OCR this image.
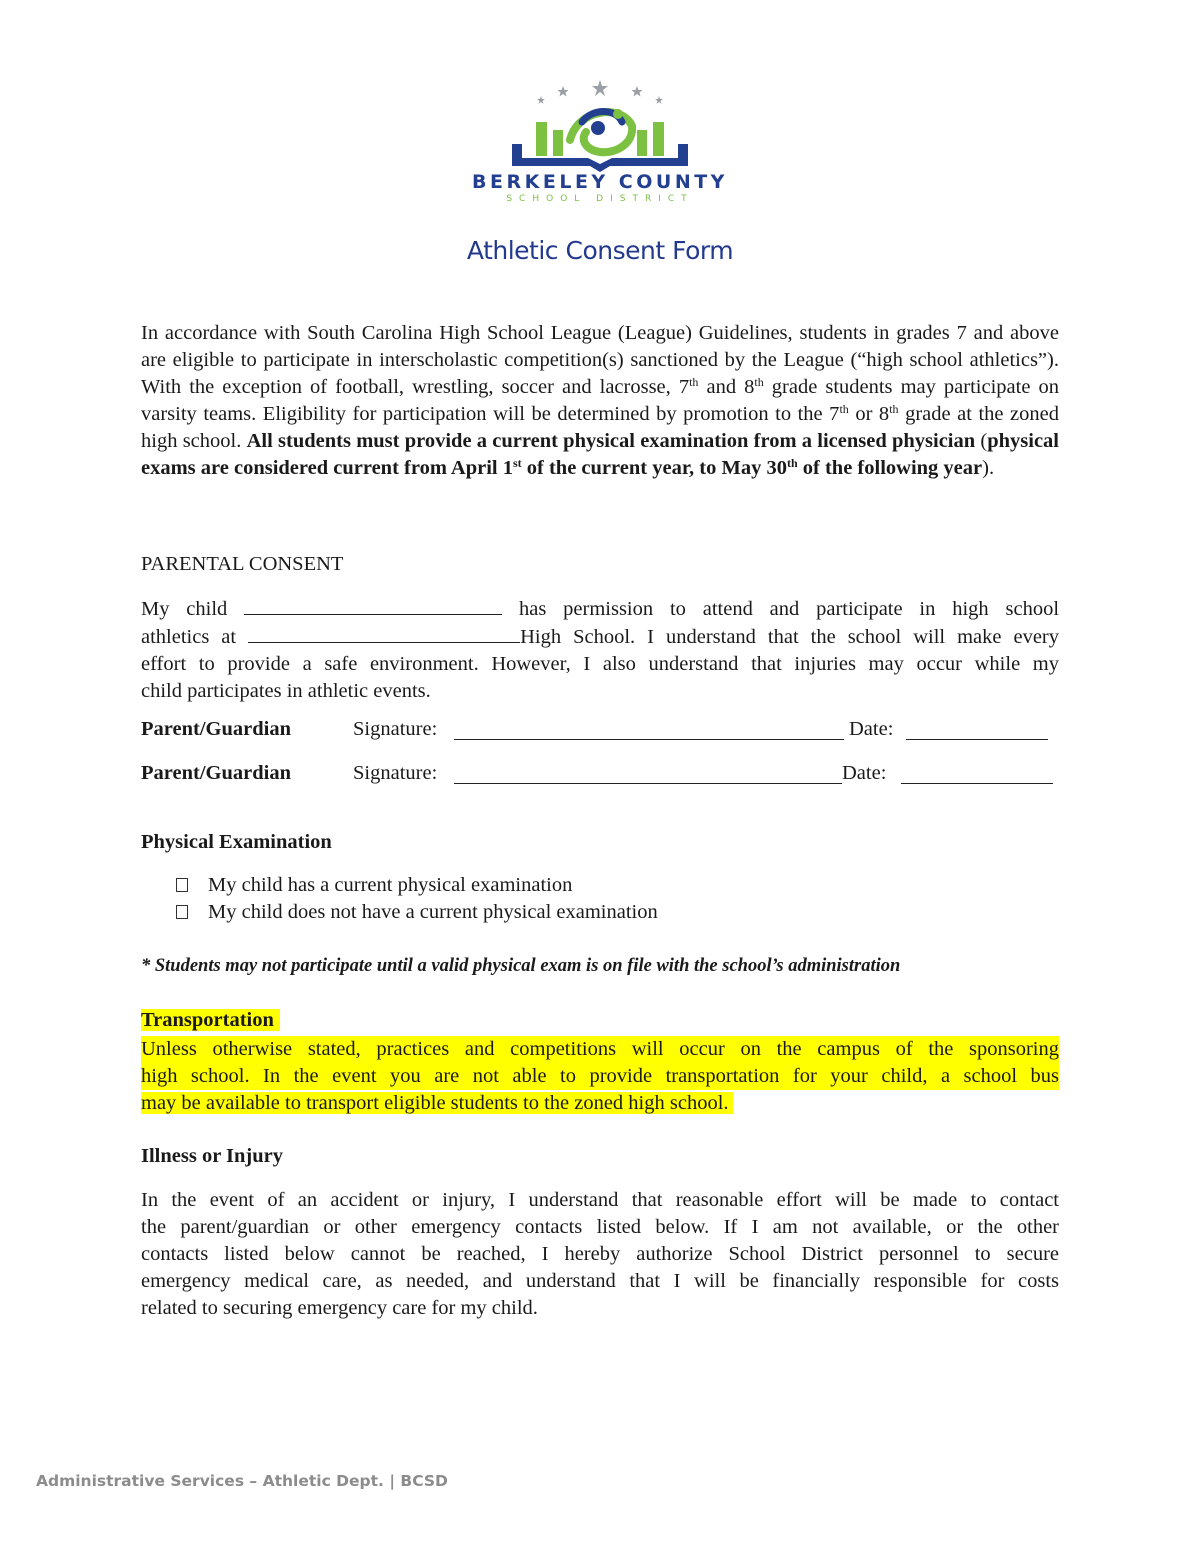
BERKELEY COUNTY
SCHOOL DISTRICT
Athletic Consent Form
In accordance with South Carolina High School League (League) Guidelines, students in grades 7 and above are eligible to participate in interscholastic competition(s) sanctioned by the League (“high school athletics”). With the exception of football, wrestling, soccer and lacrosse, 7th and 8th grade students may participate on varsity teams. Eligibility for participation will be determined by promotion to the 7th or 8th grade at the zoned high school. All students must provide a current physical examination from a licensed physician (physical exams are considered current from April 1st of the current year, to May 30th of the following year).
PARENTAL CONSENT
My child	has permission to attend and participate in high school
athletics at	High School. I understand that the school will make every
effort to provide a safe environment. However, I also understand that injuries may occur while my
child participates in athletic events.
Parent/Guardian	Signature:	Date:
Parent/Guardian	Signature:	Date:
Physical Examination
My child has a current physical examination
My child does not have a current physical examination
* Students may not participate until a valid physical exam is on file with the school’s administration
Transportation
Unless otherwise stated, practices and competitions will occur on the campus of the sponsoring
high school. In the event you are not able to provide transportation for your child, a school bus
may be available to transport eligible students to the zoned high school.
Illness or Injury
In the event of an accident or injury, I understand that reasonable effort will be made to contact
the parent/guardian or other emergency contacts listed below. If I am not available, or the other
contacts listed below cannot be reached, I hereby authorize School District personnel to secure
emergency medical care, as needed, and understand that I will be financially responsible for costs
related to securing emergency care for my child.
Administrative Services – Athletic Dept. | BCSD
